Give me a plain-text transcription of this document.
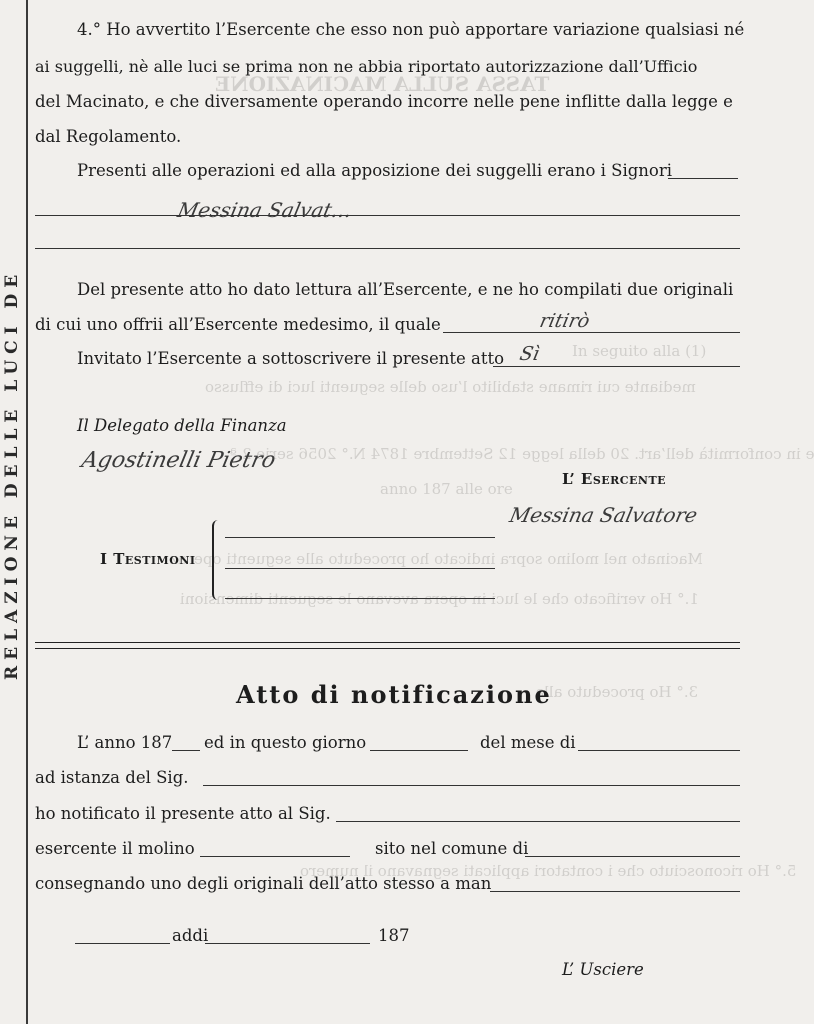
TASSA SULLA MACINAZIONE
In seguito alla (1)
mediante cui rimane stabilito l’uso delle seguenti luci di efflusso
e in conformità dell’art. 20 della legge 12 Settembre 1874 N.° 2056 serie 2.ª
anno 187 alle ore
Macinato nel molino sopra indicato ho proceduto alle seguenti operaz
1.° Ho verificato che le luci in opera avevano le seguenti dimensioni
3.° Ho proceduto alla
5.° Ho riconosciuto che i contatori applicati segnavano il numero
RELAZIONE DELLE LUCI DE
4.° Ho avvertito l’Esercente che esso non può apportare variazione qualsiasi né
ai suggelli, nè alle luci se prima non ne abbia riportato autorizzazione dall’Ufficio
del Macinato, e che diversamente operando incorre nelle pene inflitte dalla legge e
dal Regolamento.
Presenti alle operazioni ed alla apposizione dei suggelli erano i Signori
Messina Salvat…
Del presente atto ho dato lettura all’Esercente, e ne ho compilati due originali
di cui uno offrii all’Esercente medesimo, il quale	ritirò
Invitato l’Esercente a sottoscrivere il presente atto Sì
Il Delegato della Finanza
Agostinelli Pietro
L’ Esercente
Messina Salvatore
I Testimoni
Atto di notificazione
L’ anno 187 ed in questo giorno	del mese di
ad istanza del Sig.
ho notificato il presente atto al Sig.
esercente il molino	sito nel comune di
consegnando uno degli originali dell’atto stesso a man
addi	187
L’ Usciere
